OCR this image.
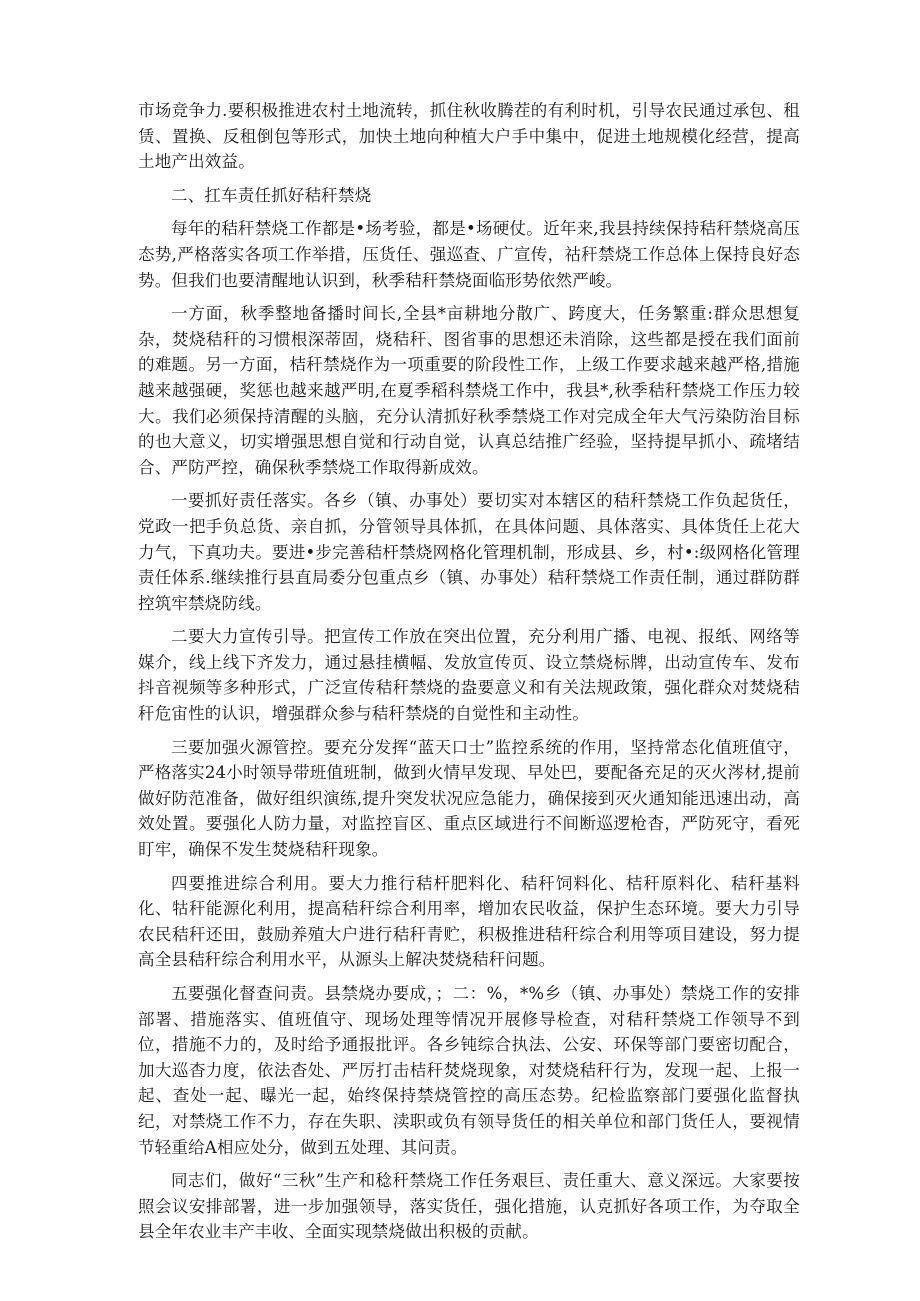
市场竞争力.要积极推进农村土地流转，抓住秋收腾茬的有利时机，引导农民通过承包、租赁、置换、反租倒包等形式，加快土地向种植大户手中集中，促进土地规模化经营，提高土地产出效益。

二、扛车责任抓好秸秆禁烧

每年的秸秆禁烧工作都是•场考验，都是•场硬仗。近年来,我县持续保持秸秆禁烧高压态势,严格落实各项工作举措，压货任、强巡查、广宣传，祜秆禁烧工作总体上保持良好态势。但我们也要清醒地认识到，秋季秸秆禁烧面临形势依然严峻。

一方面，秋季整地备播时间长,全县*亩耕地分散广、跨度大，任务繁重:群众思想复杂，焚烧秸秆的习惯根深蒂固，烧秸秆、图省事的思想还未消除，这些都是授在我们面前的难题。另一方面，桔秆禁烧作为一项重要的阶段性工作，上级工作要求越来越严格,措施越来越强硬，奖惩也越来越严明,在夏季稻科禁烧工作中，我县*,秋季秸秆禁烧工作压力较大。我们必须保持清醒的头脑，充分认清抓好秋季禁烧工作对完成全年大气污染防治目标的也大意义，切实增强思想自觉和行动自觉，认真总结推广经验，坚持提早抓小、疏堵结合、严防严控，确保秋季禁烧工作取得新成效。

一要抓好责任落实。各乡（镇、办事处）要切实对本辖区的秸秆禁烧工作负起货任，党政一把手负总货、亲自抓，分管领导具体抓，在具体问题、具体落实、具体货任上花大力气，下真功夫。要进•步完善秸杆禁烧网格化管理机制，形成县、乡，村•:级网格化管理责任体系.继续推行县直局委分包重点乡（镇、办事处）秸秆禁烧工作责任制，通过群防群控筑牢禁烧防线。

二要大力宣传引导。把宣传工作放在突出位置，充分利用广播、电视、报纸、网络等媒介，线上线下齐发力，通过悬挂横幅、发放宣传页、设立禁烧标牌，出动宣传车、发布抖音视频等多种形式，广泛宣传秸秆禁烧的盎要意义和有关法规政策，强化群众对焚烧秸秆危宙性的认识，增强群众参与秸秆禁烧的自觉性和主动性。

三要加强火源管控。要充分发挥“蓝天口士”监控系统的作用，坚持常态化值班值守，严格落实24小时领导带班值班制，做到火情早发现、早处巴，要配备充足的灭火涔材,提前做好防范准备，做好组织演练,提升突发状况应急能力，确保接到灭火通知能迅速出动，高效处置。要强化人防力量，对监控盲区、重点区域进行不间断巡逻枪杳，严防死守，看死盯牢，确保不发生焚烧秸秆现象。

四要推进综合利用。要大力推行秸杆肥料化、秸秆饲料化、桔秆原料化、秸秆基料化、牯秆能源化利用，提高秸秆综合利用率，增加农民收益，保护生态环境。要大力引导农民秸秆还田，鼓励养殖大户进行秸秆青贮，积极推进秸秆综合利用等项目建设，努力提高全县秸秆综合利用水平，从源头上解决焚烧秸秆问题。

五要强化督查问责。县禁烧办要成，；二：%，*%乡（镇、办事处）禁烧工作的安排部署、措施落实、值班值守、现场处理等情况开展修导检查，对秸秆禁烧工作领导不到位，措施不力的，及时给予通报批评。各乡钝综合执法、公安、环保等部门要密切配合，加大巡杳力度，依法杳处、严厉打击桔秆焚烧现象，对焚烧秸秆行为，发现一起、上报一起、查处一起、曝光一起，始终保持禁烧管控的高压态势。纪检监察部门要强化监督执纪，对禁烧工作不力，存在失职、渎职或负有领导货任的相关单位和部门货任人，要视情节轻重给A相应处分，做到五处理、其问责。

同志们，做好“三秋”生产和稔秆禁烧工作任务艰巨、责任重大、意义深远。大家要按照会议安排部署，进一步加强领导，落实货任，强化措施，认克抓好各项工作，为夺取全县全年农业丰产丰收、全面实现禁烧做出积极的贡献。
